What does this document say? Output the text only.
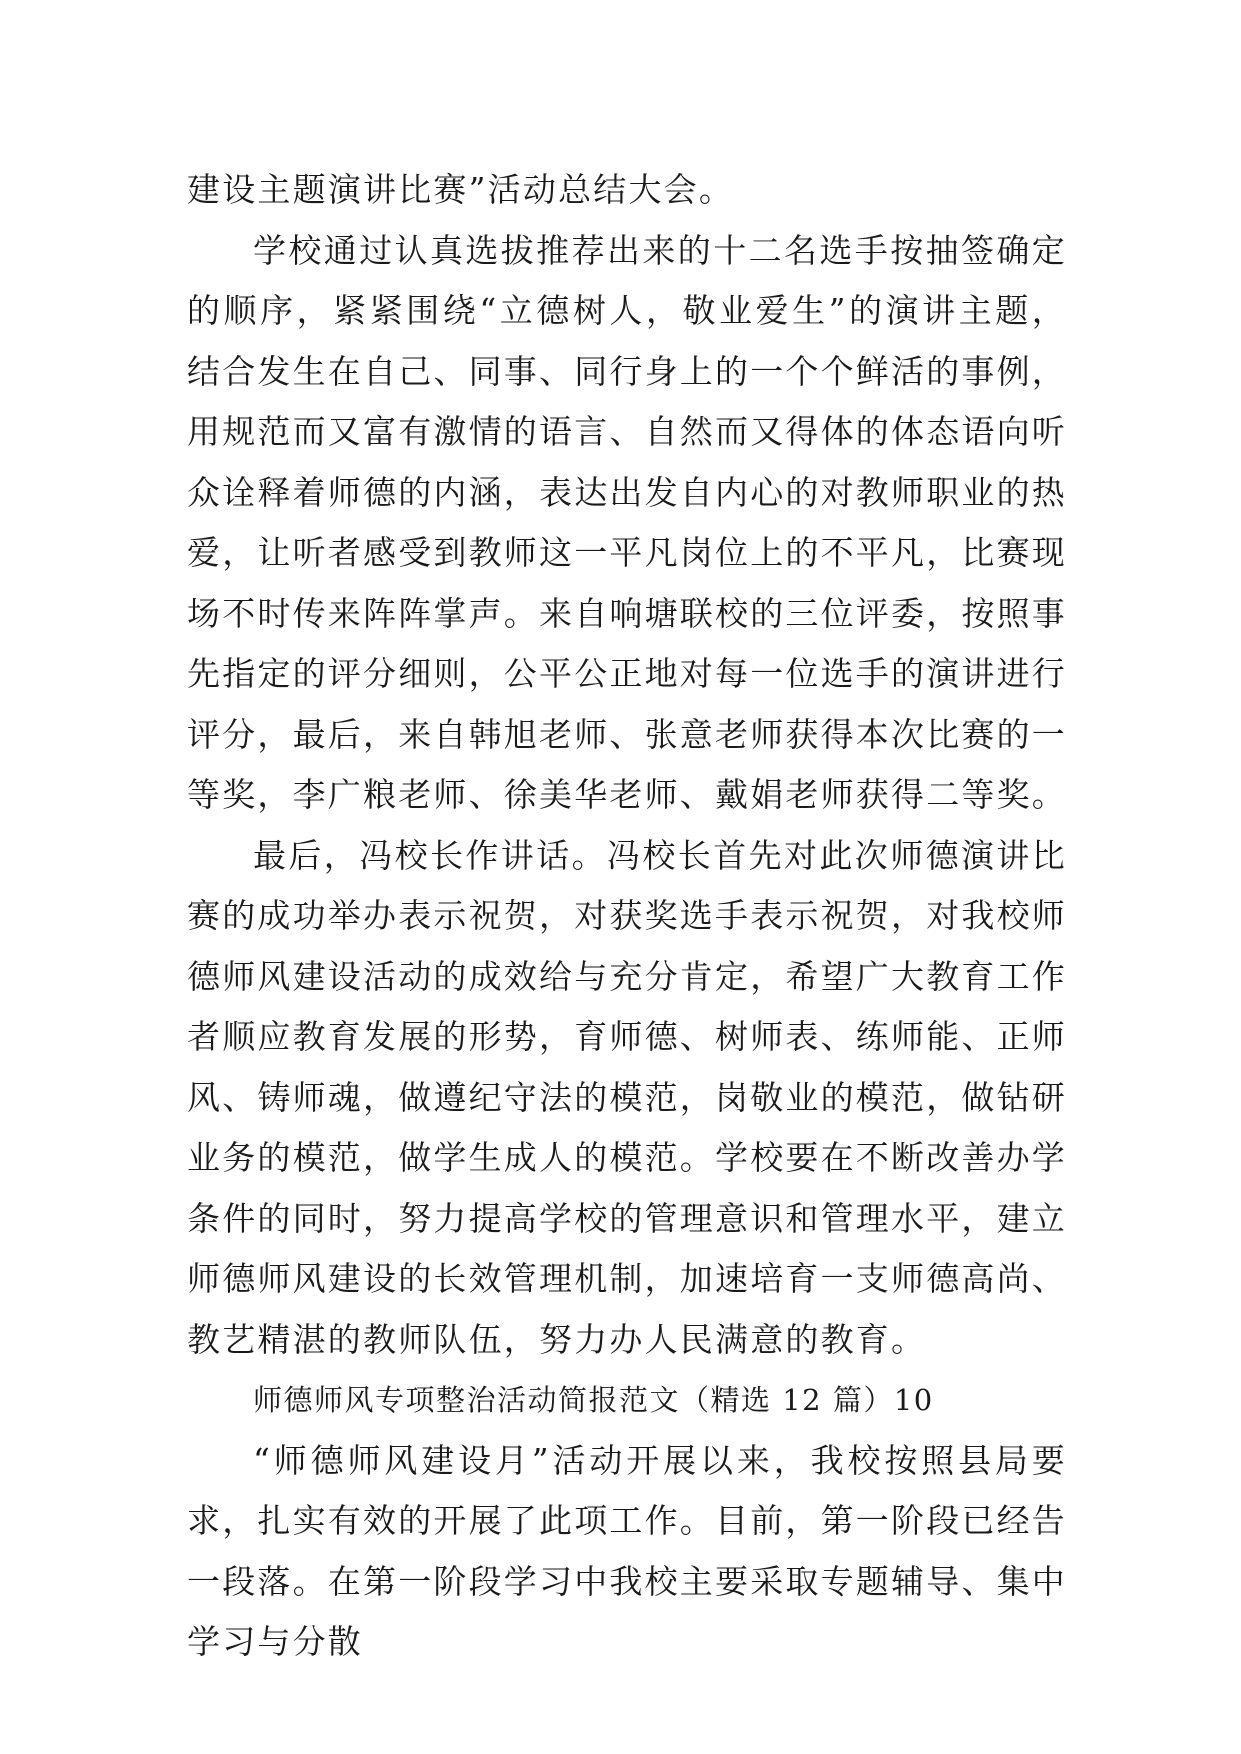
建设主题演讲比赛”活动总结大会。

学校通过认真选拔推荐出来的十二名选手按抽签确定的顺序，紧紧围绕“立德树人，敬业爱生”的演讲主题，结合发生在自己、同事、同行身上的一个个鲜活的事例，用规范而又富有激情的语言、自然而又得体的体态语向听众诠释着师德的内涵，表达出发自内心的对教师职业的热爱，让听者感受到教师这一平凡岗位上的不平凡，比赛现场不时传来阵阵掌声。来自响塘联校的三位评委，按照事先指定的评分细则，公平公正地对每一位选手的演讲进行评分，最后，来自韩旭老师、张意老师获得本次比赛的一等奖，李广粮老师、徐美华老师、戴娟老师获得二等奖。

最后，冯校长作讲话。冯校长首先对此次师德演讲比赛的成功举办表示祝贺，对获奖选手表示祝贺，对我校师德师风建设活动的成效给与充分肯定，希望广大教育工作者顺应教育发展的形势，育师德、树师表、练师能、正师风、铸师魂，做遵纪守法的模范，岗敬业的模范，做钻研业务的模范，做学生成人的模范。学校要在不断改善办学条件的同时，努力提高学校的管理意识和管理水平，建立师德师风建设的长效管理机制，加速培育一支师德高尚、教艺精湛的教师队伍，努力办人民满意的教育。

师德师风专项整治活动简报范文（精选 12 篇）10

“师德师风建设月”活动开展以来，我校按照县局要求，扎实有效的开展了此项工作。目前，第一阶段已经告一段落。在第一阶段学习中我校主要采取专题辅导、集中学习与分散
